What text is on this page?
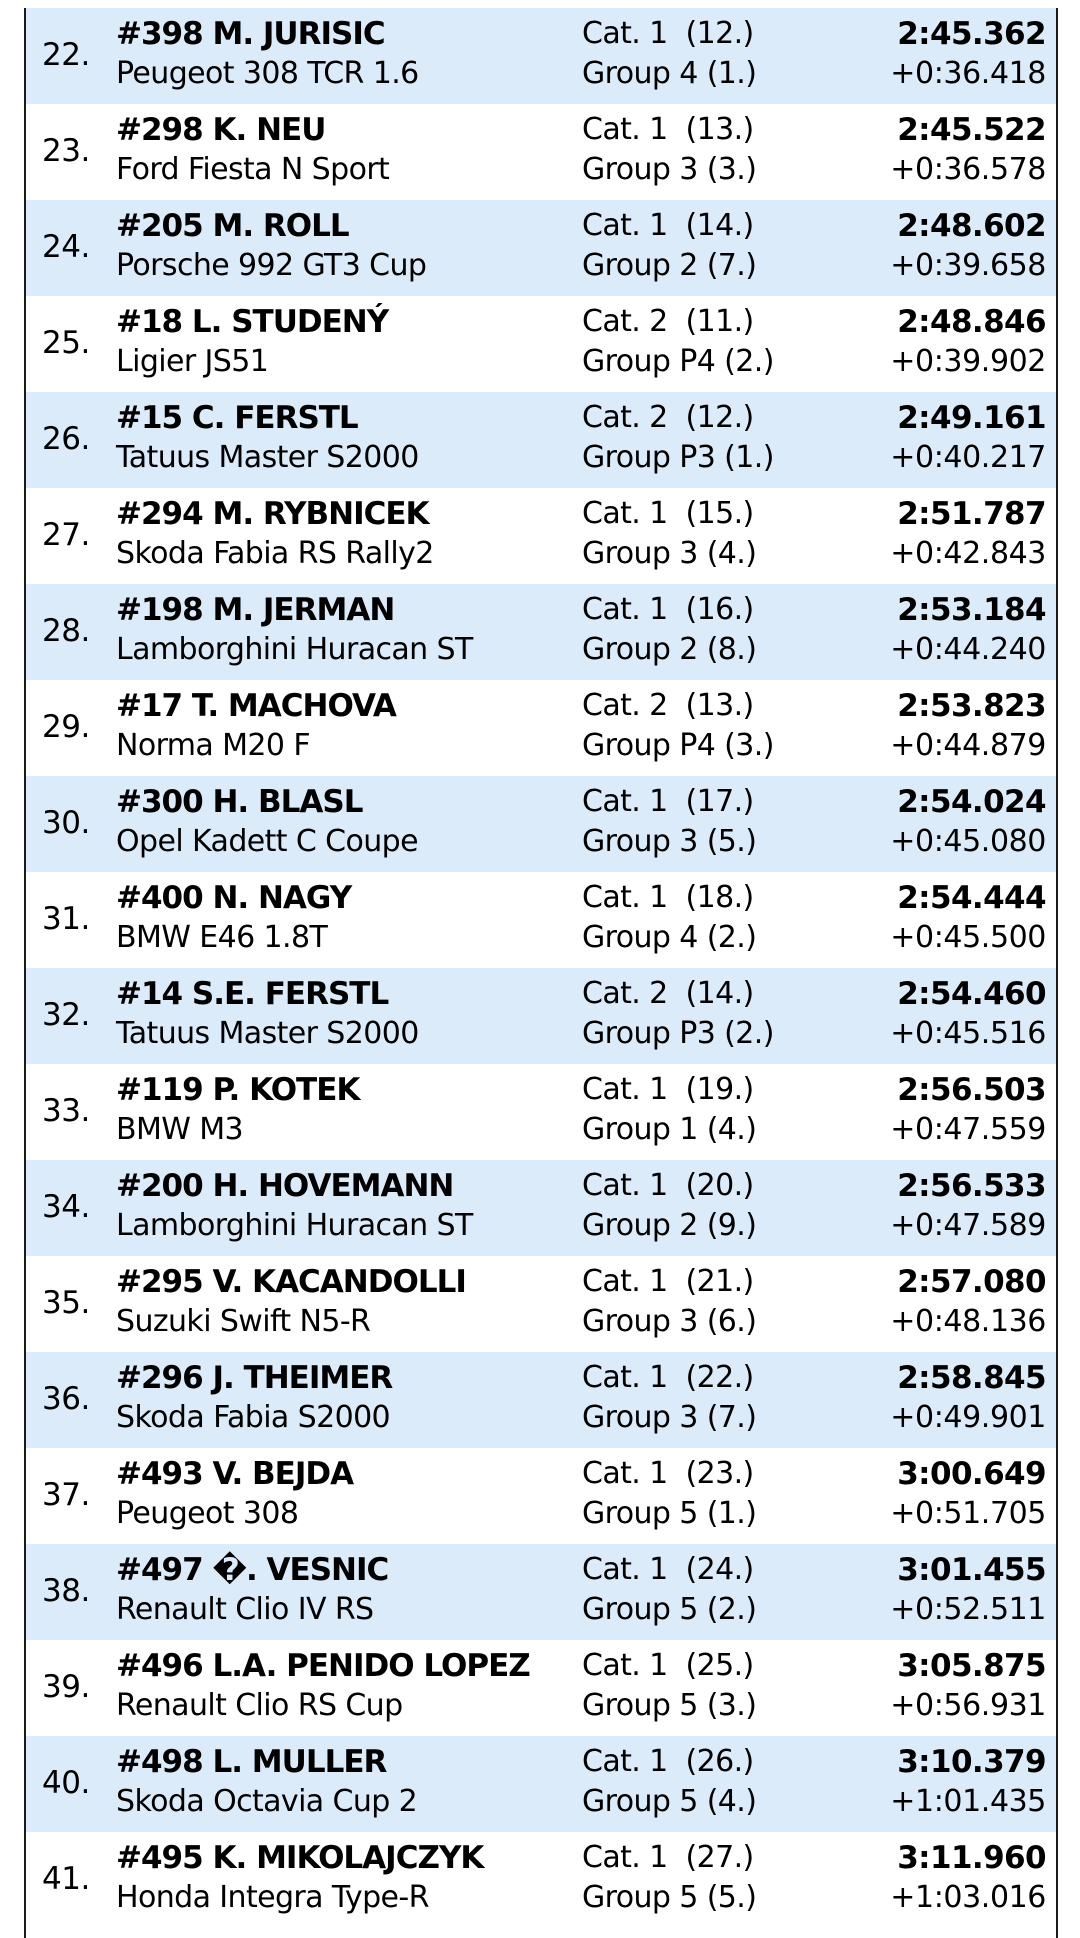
22.
#398 M. JURISIC
Peugeot 308 TCR 1.6
Cat. 1  (12.)
Group 4 (1.)
2:45.362
+0:36.418
23.
#298 K. NEU
Ford Fiesta N Sport
Cat. 1  (13.)
Group 3 (3.)
2:45.522
+0:36.578
24.
#205 M. ROLL
Porsche 992 GT3 Cup
Cat. 1  (14.)
Group 2 (7.)
2:48.602
+0:39.658
25.
#18 L. STUDENÝ
Ligier JS51
Cat. 2  (11.)
Group P4 (2.)
2:48.846
+0:39.902
26.
#15 C. FERSTL
Tatuus Master S2000
Cat. 2  (12.)
Group P3 (1.)
2:49.161
+0:40.217
27.
#294 M. RYBNICEK
Skoda Fabia RS Rally2
Cat. 1  (15.)
Group 3 (4.)
2:51.787
+0:42.843
28.
#198 M. JERMAN
Lamborghini Huracan ST
Cat. 1  (16.)
Group 2 (8.)
2:53.184
+0:44.240
29.
#17 T. MACHOVA
Norma M20 F
Cat. 2  (13.)
Group P4 (3.)
2:53.823
+0:44.879
30.
#300 H. BLASL
Opel Kadett C Coupe
Cat. 1  (17.)
Group 3 (5.)
2:54.024
+0:45.080
31.
#400 N. NAGY
BMW E46 1.8T
Cat. 1  (18.)
Group 4 (2.)
2:54.444
+0:45.500
32.
#14 S.E. FERSTL
Tatuus Master S2000
Cat. 2  (14.)
Group P3 (2.)
2:54.460
+0:45.516
33.
#119 P. KOTEK
BMW M3
Cat. 1  (19.)
Group 1 (4.)
2:56.503
+0:47.559
34.
#200 H. HOVEMANN
Lamborghini Huracan ST
Cat. 1  (20.)
Group 2 (9.)
2:56.533
+0:47.589
35.
#295 V. KACANDOLLI
Suzuki Swift N5-R
Cat. 1  (21.)
Group 3 (6.)
2:57.080
+0:48.136
36.
#296 J. THEIMER
Skoda Fabia S2000
Cat. 1  (22.)
Group 3 (7.)
2:58.845
+0:49.901
37.
#493 V. BEJDA
Peugeot 308
Cat. 1  (23.)
Group 5 (1.)
3:00.649
+0:51.705
38.
#497 �. VESNIC
Renault Clio IV RS
Cat. 1  (24.)
Group 5 (2.)
3:01.455
+0:52.511
39.
#496 L.A. PENIDO LOPEZ
Renault Clio RS Cup
Cat. 1  (25.)
Group 5 (3.)
3:05.875
+0:56.931
40.
#498 L. MULLER
Skoda Octavia Cup 2
Cat. 1  (26.)
Group 5 (4.)
3:10.379
+1:01.435
41.
#495 K. MIKOLAJCZYK
Honda Integra Type-R
Cat. 1  (27.)
Group 5 (5.)
3:11.960
+1:03.016
